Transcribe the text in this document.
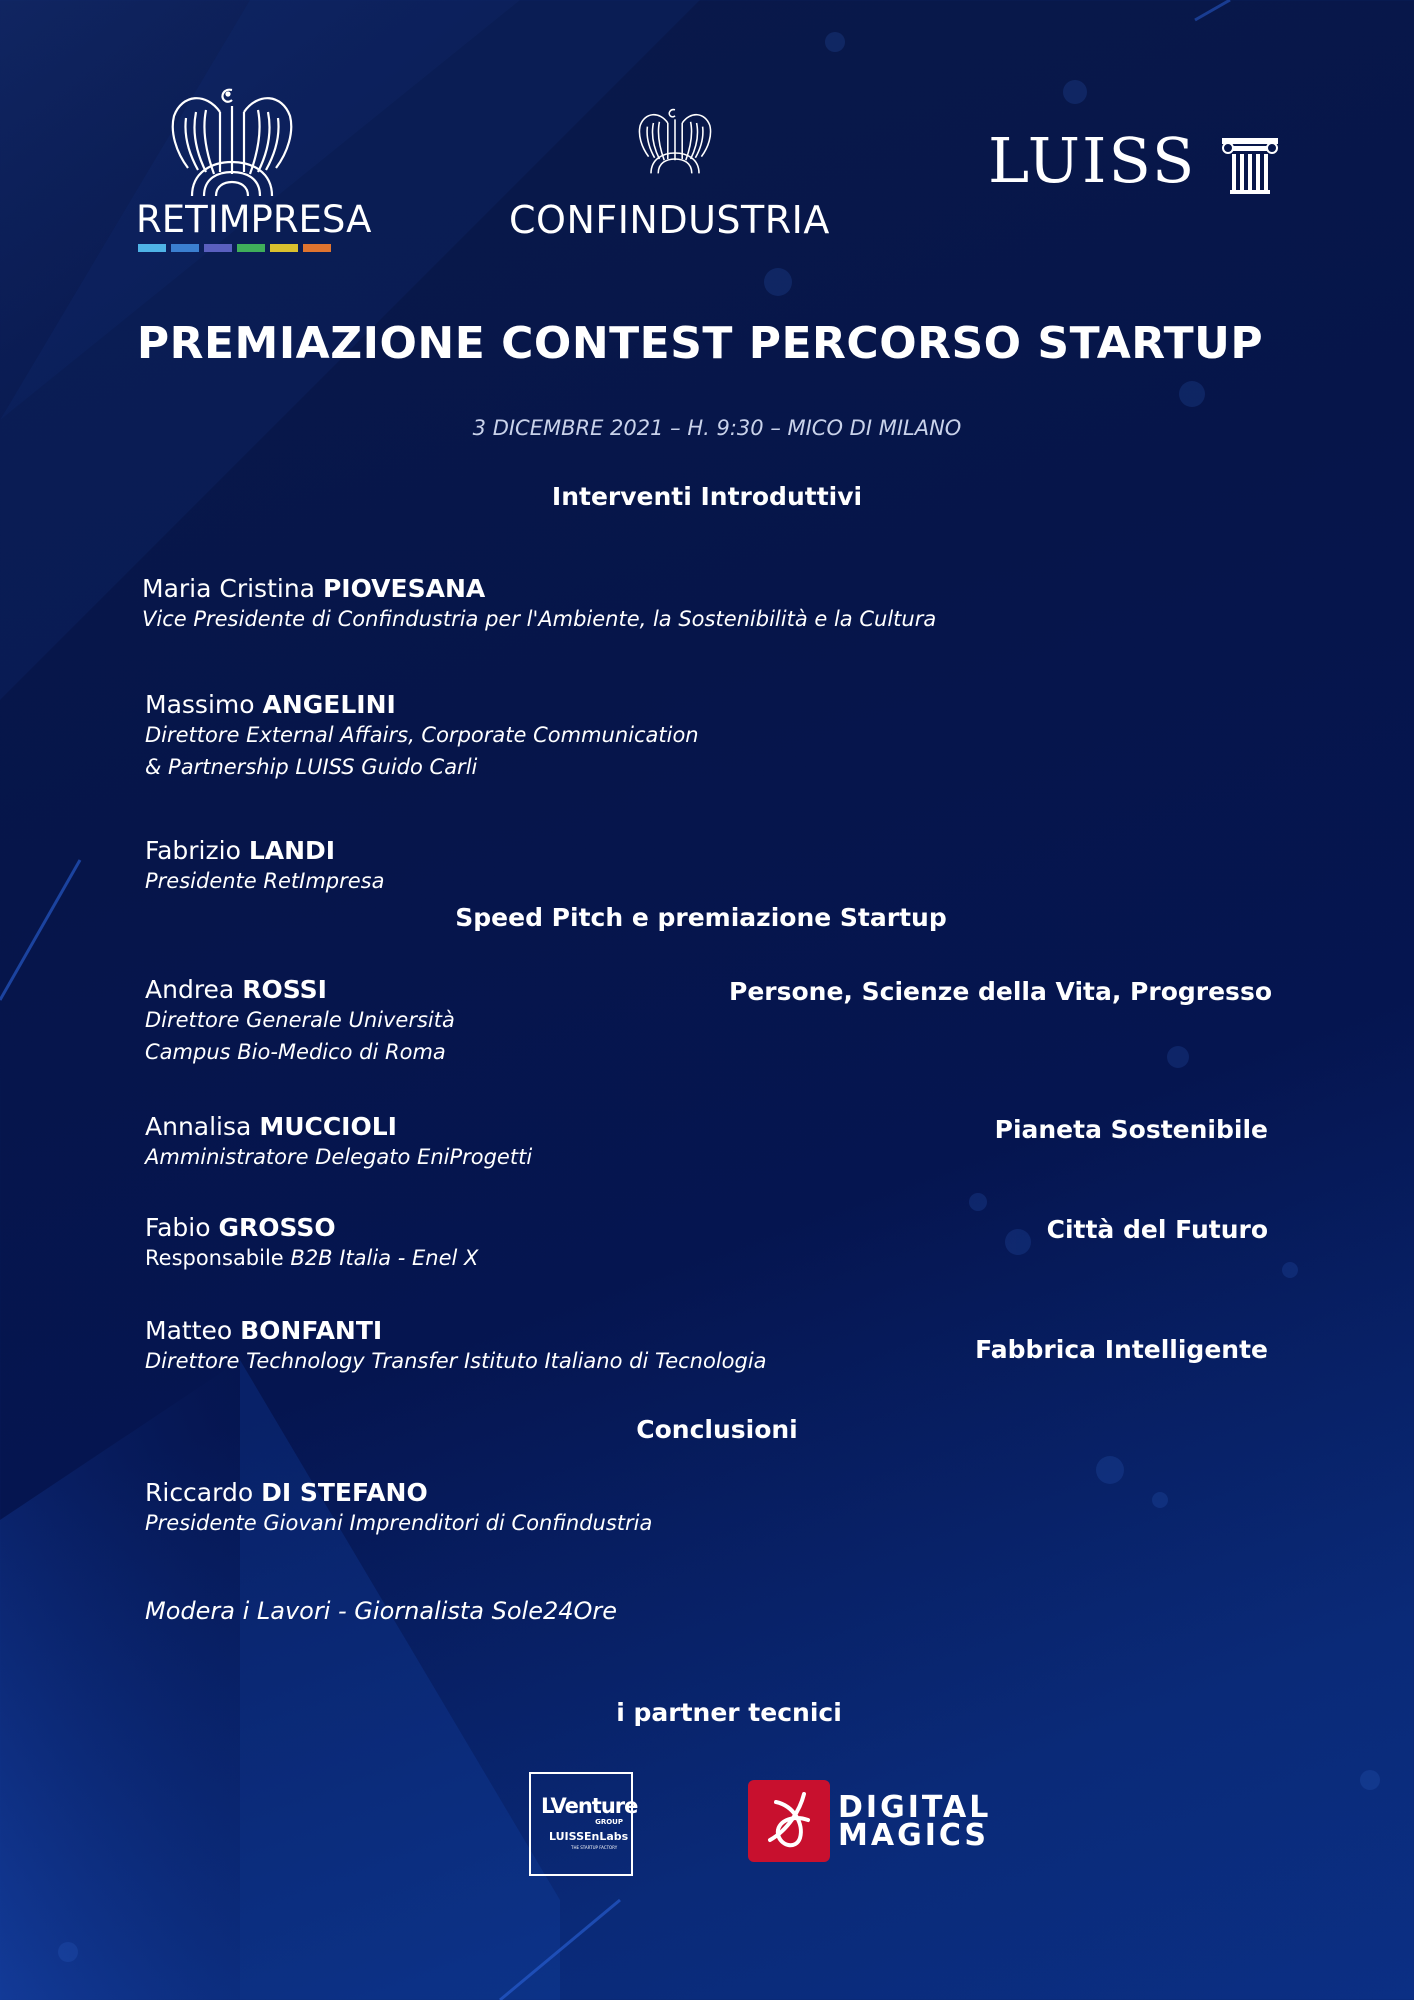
RETIMPRESA	CONFINDUSTRIA
LUISS
PREMIAZIONE CONTEST PERCORSO STARTUP
3 DICEMBRE 2021 – H. 9:30 – MICO DI MILANO
Interventi Introduttivi
Maria Cristina PIOVESANA
Vice Presidente di Confindustria per l'Ambiente, la Sostenibilità e la Cultura
Massimo ANGELINI
Direttore External Affairs, Corporate Communication
& Partnership LUISS Guido Carli
Fabrizio LANDI
Presidente RetImpresa
Speed Pitch e premiazione Startup
Andrea ROSSI
Direttore Generale Università
Campus Bio-Medico di Roma
Persone, Scienze della Vita, Progresso
Annalisa MUCCIOLI
Amministratore Delegato EniProgetti
Pianeta Sostenibile
Fabio GROSSO
Responsabile B2B Italia - Enel X
Città del Futuro
Matteo BONFANTI
Direttore Technology Transfer Istituto Italiano di Tecnologia	Fabbrica Intelligente
Conclusioni
Riccardo DI STEFANO
Presidente Giovani Imprenditori di Confindustria
Modera i Lavori - Giornalista Sole24Ore
i partner tecnici
LVenture
GROUP
LUISSEnLabs
THE STARTUP FACTORY
DIGITAL
MAGICS
